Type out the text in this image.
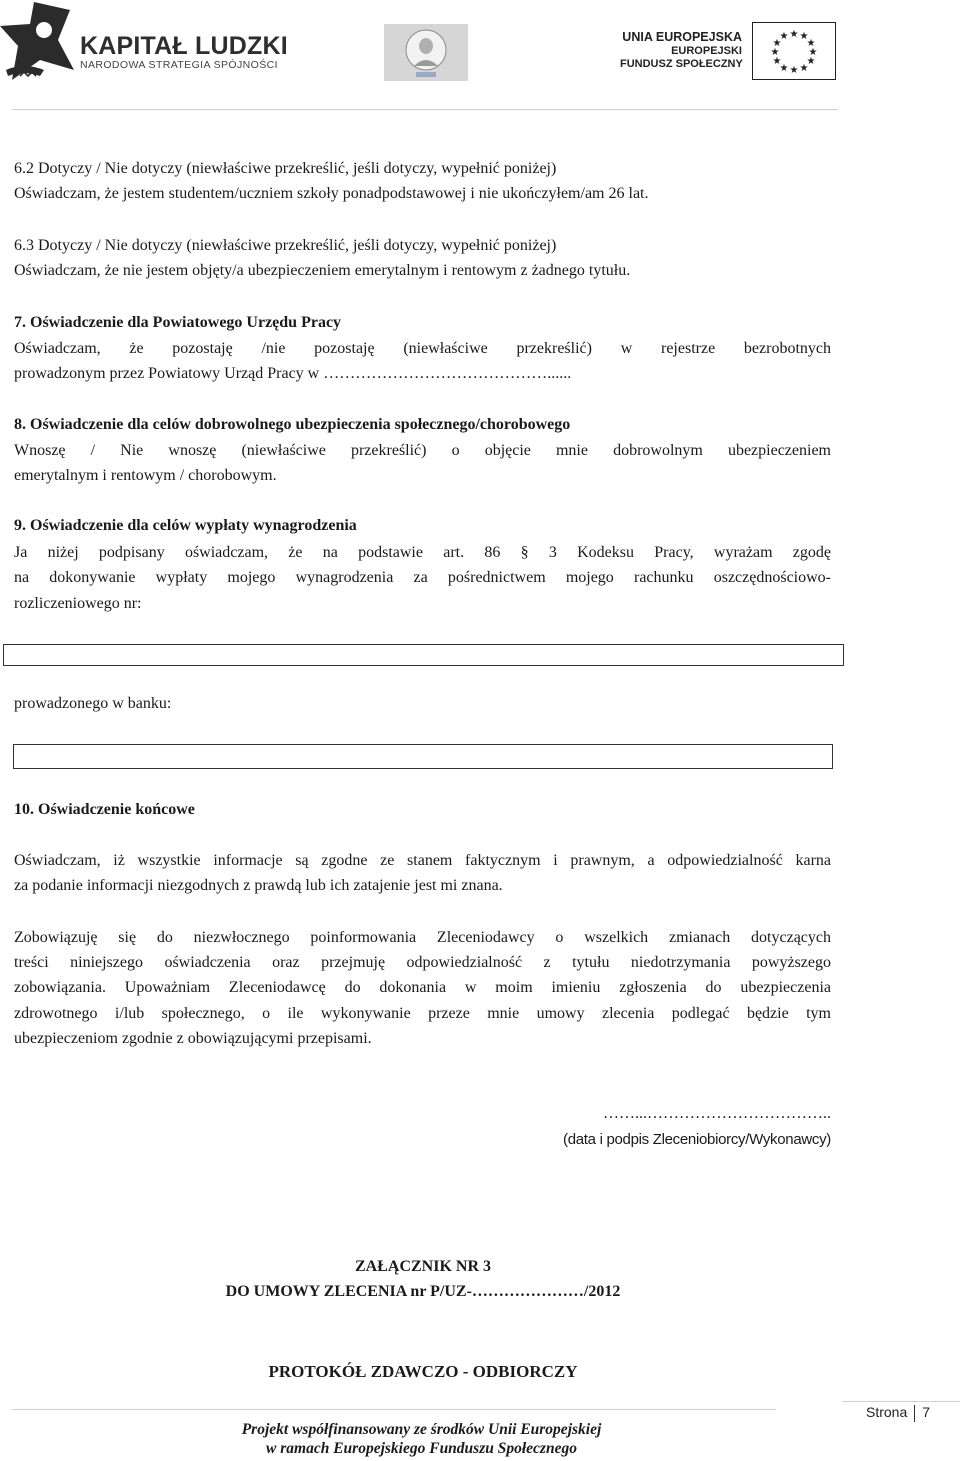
KAPITAŁ LUDZKI
NARODOWA STRATEGIA SPÓJNOŚCI
UNIA EUROPEJSKA
EUROPEJSKI
FUNDUSZ SPOŁECZNY
★ ★
★
★
★
★
★
★
★
★
★
★
6.2 Dotyczy / Nie dotyczy (niewłaściwe przekreślić, jeśli dotyczy, wypełnić poniżej)
Oświadczam, że jestem studentem/uczniem szkoły ponadpodstawowej i nie ukończyłem/am 26 lat.
6.3 Dotyczy / Nie dotyczy (niewłaściwe przekreślić, jeśli dotyczy, wypełnić poniżej)
Oświadczam, że nie jestem objęty/a ubezpieczeniem emerytalnym i rentowym z żadnego tytułu.
7. Oświadczenie dla Powiatowego Urzędu Pracy
Oświadczam, że pozostaję /nie pozostaję (niewłaściwe przekreślić) w rejestrze bezrobotnych
prowadzonym przez Powiatowy Urząd Pracy w ……………………………………......
8. Oświadczenie dla celów dobrowolnego ubezpieczenia społecznego/chorobowego
Wnoszę / Nie wnoszę (niewłaściwe przekreślić) o objęcie mnie dobrowolnym ubezpieczeniem
emerytalnym i rentowym / chorobowym.
9. Oświadczenie dla celów wypłaty wynagrodzenia
Ja niżej podpisany oświadczam, że na podstawie art. 86 § 3 Kodeksu Pracy, wyrażam zgodę
na dokonywanie wypłaty mojego wynagrodzenia za pośrednictwem mojego rachunku oszczędnościowo-
rozliczeniowego nr:
prowadzonego w banku:
10. Oświadczenie końcowe
Oświadczam, iż wszystkie informacje są zgodne ze stanem faktycznym i prawnym, a odpowiedzialność karna
za podanie informacji niezgodnych z prawdą lub ich zatajenie jest mi znana.
Zobowiązuję się do niezwłocznego poinformowania Zleceniodawcy o wszelkich zmianach dotyczących
treści niniejszego oświadczenia oraz przejmuję odpowiedzialność z tytułu niedotrzymania powyższego
zobowiązania. Upoważniam Zleceniodawcę do dokonania w moim imieniu zgłoszenia do ubezpieczenia
zdrowotnego i/lub społecznego, o ile wykonywanie przeze mnie umowy zlecenia podlegać będzie tym
ubezpieczeniom zgodnie z obowiązującymi przepisami.
……...……………………………..
(data i podpis Zleceniobiorcy/Wykonawcy)
ZAŁĄCZNIK NR 3
DO UMOWY ZLECENIA nr P/UZ-…………………/2012
PROTOKÓŁ ZDAWCZO - ODBIORCZY
Projekt współfinansowany ze środków Unii Europejskiej
w ramach Europejskiego Funduszu Społecznego
Strona 7
